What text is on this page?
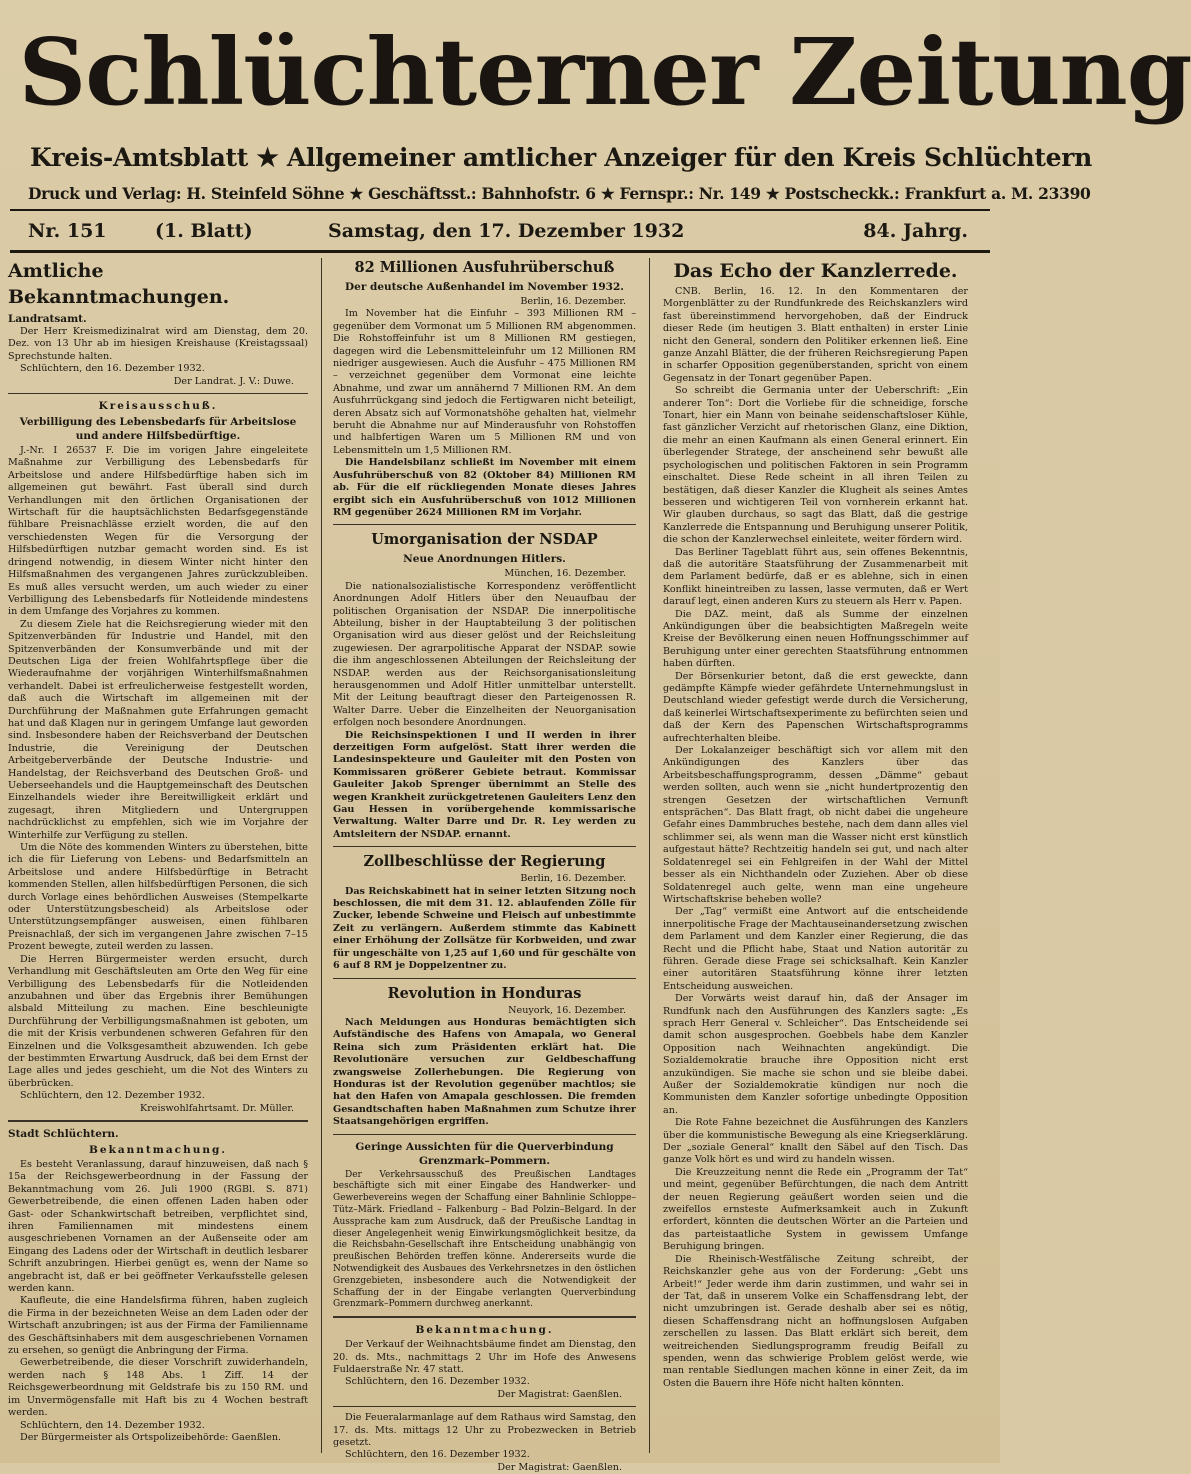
Schlüchterner Zeitung
Kreis-Amtsblatt ★ Allgemeiner amtlicher Anzeiger für den Kreis Schlüchtern
Druck und Verlag: H. Steinfeld Söhne ★ Geschäftsst.: Bahnhofstr. 6 ★ Fernspr.: Nr. 149 ★ Postscheckk.: Frankfurt a. M. 23390
Nr. 151	(1. Blatt)	Samstag, den 17. Dezember 1932	84. Jahrg.
Amtliche Bekanntmachungen.

Landratsamt.

Der Herr Kreismedizinalrat wird am Dienstag, dem 20. Dez. von 13 Uhr ab im hiesigen Kreishause (Kreistagssaal) Sprechstunde halten.

Schlüchtern, den 16. Dezember 1932.

Der Landrat. J. V.: Duwe.

Kreisausschuß.

Verbilligung des Lebensbedarfs für Arbeitslose und andere Hilfsbedürftige.

J.-Nr. I 26537 F. Die im vorigen Jahre eingeleitete Maßnahme zur Verbilligung des Lebensbedarfs für Arbeitslose und andere Hilfsbedürftige haben sich im allgemeinen gut bewährt. Fast überall sind durch Verhandlungen mit den örtlichen Organisationen der Wirtschaft für die hauptsächlichsten Bedarfsgegenstände fühlbare Preisnachlässe erzielt worden, die auf den verschiedensten Wegen für die Versorgung der Hilfsbedürftigen nutzbar gemacht worden sind. Es ist dringend notwendig, in diesem Winter nicht hinter den Hilfsmaßnahmen des vergangenen Jahres zurückzubleiben. Es muß alles versucht werden, um auch wieder zu einer Verbilligung des Lebensbedarfs für Notleidende mindestens in dem Umfange des Vorjahres zu kommen.

Zu diesem Ziele hat die Reichsregierung wieder mit den Spitzenverbänden für Industrie und Handel, mit den Spitzenverbänden der Konsumverbände und mit der Deutschen Liga der freien Wohlfahrtspflege über die Wiederaufnahme der vorjährigen Winterhilfsmaßnahmen verhandelt. Dabei ist erfreulicherweise festgestellt worden, daß auch die Wirtschaft im allgemeinen mit der Durchführung der Maßnahmen gute Erfahrungen gemacht hat und daß Klagen nur in geringem Umfange laut geworden sind. Insbesondere haben der Reichsverband der Deutschen Industrie, die Vereinigung der Deutschen Arbeitgeberverbände der Deutsche Industrie- und Handelstag, der Reichsverband des Deutschen Groß- und Ueberseehandels und die Hauptgemeinschaft des Deutschen Einzelhandels wieder ihre Bereitwilligkeit erklärt und zugesagt, ihren Mitgliedern und Untergruppen nachdrücklichst zu empfehlen, sich wie im Vorjahre der Winterhilfe zur Verfügung zu stellen.

Um die Nöte des kommenden Winters zu überstehen, bitte ich die für Lieferung von Lebens- und Bedarfsmitteln an Arbeitslose und andere Hilfsbedürftige in Betracht kommenden Stellen, allen hilfsbedürftigen Personen, die sich durch Vorlage eines behördlichen Ausweises (Stempelkarte oder Unterstützungsbescheid) als Arbeitslose oder Unterstützungsempfänger ausweisen, einen fühlbaren Preisnachlaß, der sich im vergangenen Jahre zwischen 7–15 Prozent bewegte, zuteil werden zu lassen.

Die Herren Bürgermeister werden ersucht, durch Verhandlung mit Geschäftsleuten am Orte den Weg für eine Verbilligung des Lebensbedarfs für die Notleidenden anzubahnen und über das Ergebnis ihrer Bemühungen alsbald Mitteilung zu machen. Eine beschleunigte Durchführung der Verbilligungsmaßnahmen ist geboten, um die mit der Krisis verbundenen schweren Gefahren für den Einzelnen und die Volksgesamtheit abzuwenden. Ich gebe der bestimmten Erwartung Ausdruck, daß bei dem Ernst der Lage alles und jedes geschieht, um die Not des Winters zu überbrücken.

Schlüchtern, den 12. Dezember 1932.

Kreiswohlfahrtsamt. Dr. Müller.

Stadt Schlüchtern.

Bekanntmachung.

Es besteht Veranlassung, darauf hinzuweisen, daß nach § 15a der Reichsgewerbeordnung in der Fassung der Bekanntmachung vom 26. Juli 1900 (RGBl. S. 871) Gewerbetreibende, die einen offenen Laden haben oder Gast- oder Schankwirtschaft betreiben, verpflichtet sind, ihren Familiennamen mit mindestens einem ausgeschriebenen Vornamen an der Außenseite oder am Eingang des Ladens oder der Wirtschaft in deutlich lesbarer Schrift anzubringen. Hierbei genügt es, wenn der Name so angebracht ist, daß er bei geöffneter Verkaufsstelle gelesen werden kann.

Kaufleute, die eine Handelsfirma führen, haben zugleich die Firma in der bezeichneten Weise an dem Laden oder der Wirtschaft anzubringen; ist aus der Firma der Familienname des Geschäftsinhabers mit dem ausgeschriebenen Vornamen zu ersehen, so genügt die Anbringung der Firma.

Gewerbetreibende, die dieser Vorschrift zuwiderhandeln, werden nach § 148 Abs. 1 Ziff. 14 der Reichsgewerbeordnung mit Geldstrafe bis zu 150 RM. und im Unvermögensfalle mit Haft bis zu 4 Wochen bestraft werden.

Schlüchtern, den 14. Dezember 1932.

Der Bürgermeister als Ortspolizeibehörde: Gaenßlen.

82 Millionen Ausfuhrüberschuß

Der deutsche Außenhandel im November 1932.

Berlin, 16. Dezember.

Im November hat die Einfuhr – 393 Millionen RM – gegenüber dem Vormonat um 5 Millionen RM abgenommen. Die Rohstoffeinfuhr ist um 8 Millionen RM gestiegen, dagegen wird die Lebensmitteleinfuhr um 12 Millionen RM niedriger ausgewiesen. Auch die Ausfuhr – 475 Millionen RM – verzeichnet gegenüber dem Vormonat eine leichte Abnahme, und zwar um annähernd 7 Millionen RM. An dem Ausfuhrrückgang sind jedoch die Fertigwaren nicht beteiligt, deren Absatz sich auf Vormonatshöhe gehalten hat, vielmehr beruht die Abnahme nur auf Minderausfuhr von Rohstoffen und halbfertigen Waren um 5 Millionen RM und von Lebensmitteln um 1,5 Millionen RM.

Die Handelsbilanz schließt im November mit einem Ausfuhrüberschuß von 82 (Oktober 84) Millionen RM ab. Für die elf rückliegenden Monate dieses Jahres ergibt sich ein Ausfuhrüberschuß von 1012 Millionen RM gegenüber 2624 Millionen RM im Vorjahr.

Umorganisation der NSDAP

Neue Anordnungen Hitlers.

München, 16. Dezember.

Die nationalsozialistische Korrespondenz veröffentlicht Anordnungen Adolf Hitlers über den Neuaufbau der politischen Organisation der NSDAP. Die innerpolitische Abteilung, bisher in der Hauptabteilung 3 der politischen Organisation wird aus dieser gelöst und der Reichsleitung zugewiesen. Der agrarpolitische Apparat der NSDAP. sowie die ihm angeschlossenen Abteilungen der Reichsleitung der NSDAP. werden aus der Reichsorganisationsleitung herausgenommen und Adolf Hitler unmittelbar unterstellt. Mit der Leitung beauftragt dieser den Parteigenossen R. Walter Darre. Ueber die Einzelheiten der Neuorganisation erfolgen noch besondere Anordnungen.

Die Reichsinspektionen I und II werden in ihrer derzeitigen Form aufgelöst. Statt ihrer werden die Landesinspekteure und Gauleiter mit den Posten von Kommissaren größerer Gebiete betraut. Kommissar Gauleiter Jakob Sprenger übernimmt an Stelle des wegen Krankheit zurückgetretenen Gauleiters Lenz den Gau Hessen in vorübergehende kommissarische Verwaltung. Walter Darre und Dr. R. Ley werden zu Amtsleitern der NSDAP. ernannt.

Zollbeschlüsse der Regierung

Berlin, 16. Dezember.

Das Reichskabinett hat in seiner letzten Sitzung noch beschlossen, die mit dem 31. 12. ablaufenden Zölle für Zucker, lebende Schweine und Fleisch auf unbestimmte Zeit zu verlängern. Außerdem stimmte das Kabinett einer Erhöhung der Zollsätze für Korbweiden, und zwar für ungeschälte von 1,25 auf 1,60 und für geschälte von 6 auf 8 RM je Doppelzentner zu.

Revolution in Honduras

Neuyork, 16. Dezember.

Nach Meldungen aus Honduras bemächtigten sich Aufständische des Hafens von Amapala, wo General Reina sich zum Präsidenten erklärt hat. Die Revolutionäre versuchen zur Geldbeschaffung zwangsweise Zollerhebungen. Die Regierung von Honduras ist der Revolution gegenüber machtlos; sie hat den Hafen von Amapala geschlossen. Die fremden Gesandtschaften haben Maßnahmen zum Schutze ihrer Staatsangehörigen ergriffen.

Geringe Aussichten für die Querverbindung Grenzmark–Pommern.

Der Verkehrsausschuß des Preußischen Landtages beschäftigte sich mit einer Eingabe des Handwerker- und Gewerbevereins wegen der Schaffung einer Bahnlinie Schloppe–Tütz–Märk. Friedland – Falkenburg – Bad Polzin–Belgard. In der Aussprache kam zum Ausdruck, daß der Preußische Landtag in dieser Angelegenheit wenig Einwirkungsmöglichkeit besitze, da die Reichsbahn-Gesellschaft ihre Entscheidung unabhängig von preußischen Behörden treffen könne. Andererseits wurde die Notwendigkeit des Ausbaues des Verkehrsnetzes in den östlichen Grenzgebieten, insbesondere auch die Notwendigkeit der Schaffung der in der Eingabe verlangten Querverbindung Grenzmark–Pommern durchweg anerkannt.

Bekanntmachung.

Der Verkauf der Weihnachtsbäume findet am Dienstag, den 20. ds. Mts., nachmittags 2 Uhr im Hofe des Anwesens Fuldaerstraße Nr. 47 statt.

Schlüchtern, den 16. Dezember 1932.

Der Magistrat: Gaenßlen.

Die Feueralarmanlage auf dem Rathaus wird Samstag, den 17. ds. Mts. mittags 12 Uhr zu Probezwecken in Betrieb gesetzt.

Schlüchtern, den 16. Dezember 1932.

Der Magistrat: Gaenßlen.

Das Echo der Kanzlerrede.

CNB. Berlin, 16. 12. In den Kommentaren der Morgenblätter zu der Rundfunkrede des Reichskanzlers wird fast übereinstimmend hervorgehoben, daß der Eindruck dieser Rede (im heutigen 3. Blatt enthalten) in erster Linie nicht den General, sondern den Politiker erkennen ließ. Eine ganze Anzahl Blätter, die der früheren Reichsregierung Papen in scharfer Opposition gegenüberstanden, spricht von einem Gegensatz in der Tonart gegenüber Papen.

So schreibt die Germania unter der Ueberschrift: „Ein anderer Ton“: Dort die Vorliebe für die schneidige, forsche Tonart, hier ein Mann von beinahe seidenschaftsloser Kühle, fast gänzlicher Verzicht auf rhetorischen Glanz, eine Diktion, die mehr an einen Kaufmann als einen General erinnert. Ein überlegender Stratege, der anscheinend sehr bewußt alle psychologischen und politischen Faktoren in sein Programm einschaltet. Diese Rede scheint in all ihren Teilen zu bestätigen, daß dieser Kanzler die Klugheit als seines Amtes besseren und wichtigeren Teil von vornherein erkannt hat. Wir glauben durchaus, so sagt das Blatt, daß die gestrige Kanzlerrede die Entspannung und Beruhigung unserer Politik, die schon der Kanzlerwechsel einleitete, weiter fördern wird.

Das Berliner Tageblatt führt aus, sein offenes Bekenntnis, daß die autoritäre Staatsführung der Zusammenarbeit mit dem Parlament bedürfe, daß er es ablehne, sich in einen Konflikt hineintreiben zu lassen, lasse vermuten, daß er Wert darauf legt, einen anderen Kurs zu steuern als Herr v. Papen.

Die DAZ. meint, daß als Summe der einzelnen Ankündigungen über die beabsichtigten Maßregeln weite Kreise der Bevölkerung einen neuen Hoffnungsschimmer auf Beruhigung unter einer gerechten Staatsführung entnommen haben dürften.

Der Börsenkurier betont, daß die erst geweckte, dann gedämpfte Kämpfe wieder gefährdete Unternehmungslust in Deutschland wieder gefestigt werde durch die Versicherung, daß keinerlei Wirtschaftsexperimente zu befürchten seien und daß der Kern des Papenschen Wirtschaftsprogramms aufrechterhalten bleibe.

Der Lokalanzeiger beschäftigt sich vor allem mit den Ankündigungen des Kanzlers über das Arbeitsbeschaffungsprogramm, dessen „Dämme“ gebaut werden sollten, auch wenn sie „nicht hundertprozentig den strengen Gesetzen der wirtschaftlichen Vernunft entsprächen“. Das Blatt fragt, ob nicht dabei die ungeheure Gefahr eines Dammbruches bestehe, nach dem dann alles viel schlimmer sei, als wenn man die Wasser nicht erst künstlich aufgestaut hätte? Rechtzeitig handeln sei gut, und nach alter Soldatenregel sei ein Fehlgreifen in der Wahl der Mittel besser als ein Nichthandeln oder Zuziehen. Aber ob diese Soldatenregel auch gelte, wenn man eine ungeheure Wirtschaftskrise beheben wolle?

Der „Tag“ vermißt eine Antwort auf die entscheidende innerpolitische Frage der Machtauseinandersetzung zwischen dem Parlament und dem Kanzler einer Regierung, die das Recht und die Pflicht habe, Staat und Nation autoritär zu führen. Gerade diese Frage sei schicksalhaft. Kein Kanzler einer autoritären Staatsführung könne ihrer letzten Entscheidung ausweichen.

Der Vorwärts weist darauf hin, daß der Ansager im Rundfunk nach den Ausführungen des Kanzlers sagte: „Es sprach Herr General v. Schleicher“. Das Entscheidende sei damit schon ausgesprochen. Goebbels habe dem Kanzler Opposition nach Weihnachten angekündigt. Die Sozialdemokratie brauche ihre Opposition nicht erst anzukündigen. Sie mache sie schon und sie bleibe dabei. Außer der Sozialdemokratie kündigen nur noch die Kommunisten dem Kanzler sofortige unbedingte Opposition an.

Die Rote Fahne bezeichnet die Ausführungen des Kanzlers über die kommunistische Bewegung als eine Kriegserklärung. Der „soziale General“ knallt den Säbel auf den Tisch. Das ganze Volk hört es und wird zu handeln wissen.

Die Kreuzzeitung nennt die Rede ein „Programm der Tat“ und meint, gegenüber Befürchtungen, die nach dem Antritt der neuen Regierung geäußert worden seien und die zweifellos ernsteste Aufmerksamkeit auch in Zukunft erfordert, könnten die deutschen Wörter an die Parteien und das parteistaatliche System in gewissem Umfange Beruhigung bringen.

Die Rheinisch-Westfälische Zeitung schreibt, der Reichskanzler gehe aus von der Forderung: „Gebt uns Arbeit!“ Jeder werde ihm darin zustimmen, und wahr sei in der Tat, daß in unserem Volke ein Schaffensdrang lebt, der nicht umzubringen ist. Gerade deshalb aber sei es nötig, diesen Schaffensdrang nicht an hoffnungslosen Aufgaben zerschellen zu lassen. Das Blatt erklärt sich bereit, dem weitreichenden Siedlungsprogramm freudig Beifall zu spenden, wenn das schwierige Problem gelöst werde, wie man rentable Siedlungen machen könne in einer Zeit, da im Osten die Bauern ihre Höfe nicht halten könnten.
